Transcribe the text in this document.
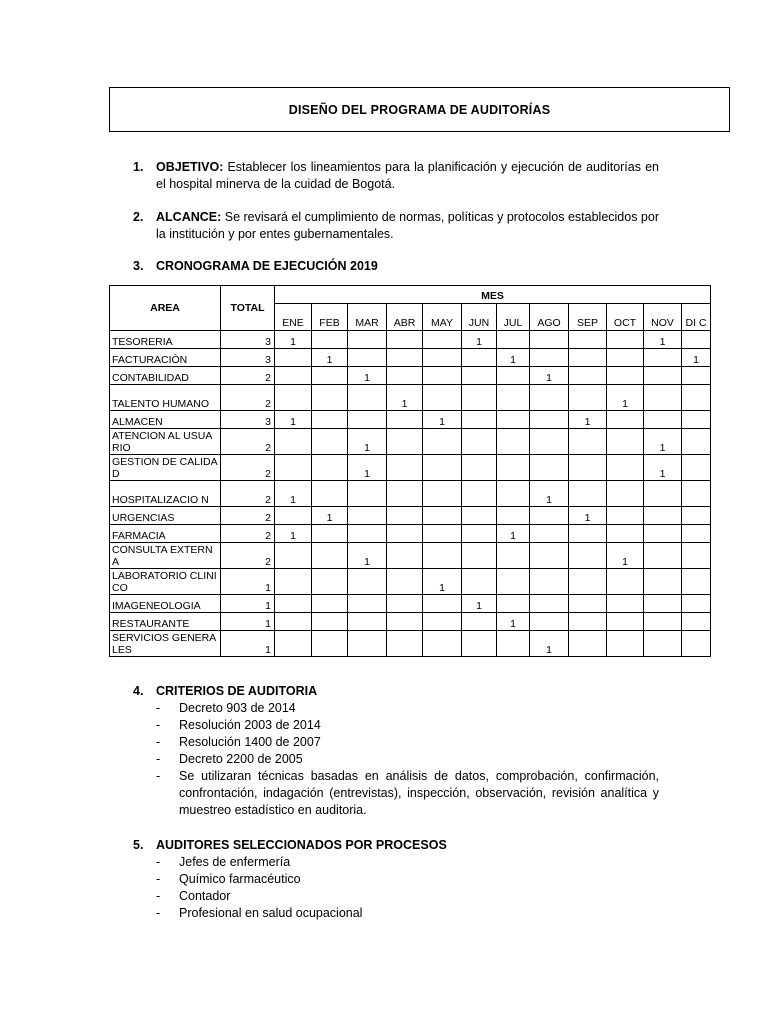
DISEÑO DEL PROGRAMA DE AUDITORÍAS
1. OBJETIVO: Establecer los lineamientos para la planificación y ejecución de auditorías en el hospital minerva de la cuidad de Bogotá.
2. ALCANCE: Se revisará el cumplimiento de normas, políticas y protocolos establecidos por la institución y por entes gubernamentales.
3. CRONOGRAMA DE EJECUCIÓN 2019
AREA	TOTAL	MES											
		ENE	FEB	MAR	ABR	MAY	JUN	JUL	AGO	SEP	OCT	NOV	DI C
TESORERIA	3	1					1					1	
FACTURACIÒN	3		1					1					1
CONTABILIDAD	2			1					1				
TALENTO HUMANO	2				1						1		
ALMACEN	3	1				1				1			
ATENCION AL USUARIO	2			1								1	
GESTION DE CALIDAD	2			1								1	
HOSPITALIZACIO N	2	1							1				
URGENCIAS	2		1							1			
FARMACIA	2	1						1					
CONSULTA EXTERNA	2			1							1		
LABORATORIO CLINICO	1					1							
IMAGENEOLOGIA	1						1						
RESTAURANTE	1							1					
SERVICIOS GENERALES	1								1				
4. CRITERIOS DE AUDITORIA
- Decreto 903 de 2014
- Resolución 2003 de 2014
- Resolución 1400 de 2007
- Decreto 2200 de 2005
- Se utilizaran técnicas basadas en análisis de datos, comprobación, confirmación, confrontación, indagación (entrevistas), inspección, observación, revisión analítica y muestreo estadístico en auditoria.
5. AUDITORES SELECCIONADOS POR PROCESOS
- Jefes de enfermería
- Químico farmacéutico
- Contador
- Profesional en salud ocupacional
